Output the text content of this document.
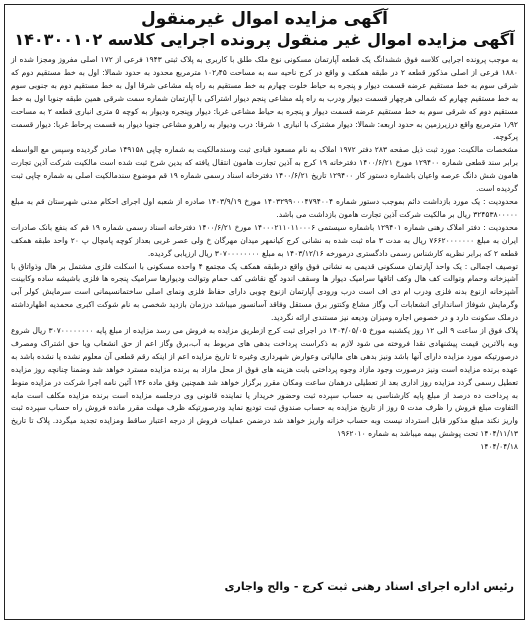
آگهی مزایده اموال غیرمنقول

آگهی مزایده اموال غیر منقول پرونده اجرایی کلاسه ۱۴۰۳۰۰۱۰۲

به موجب پرونده اجرایی کلاسه فوق ششدانگ یک قطعه آپارتمان مسکونی نوع ملک طلق با کاربری به پلاک ثبتی ۱۹۴۳ فرعی از ۱۷۲ اصلی مفروز ومجزا شده از ۱۸۸۰ فرعی از اصلی مذکور قطعه ۲ در طبقه همکف و واقع در کرج ناحیه سه به مساحت ۱۰۲٫۴۵ مترمربع محدود به حدود شمالا: اول به خط مستقیم دوم که شرقی سوم به خط مستقیم عرضه قسمت دیوار و پنجره به حیاط خلوت چهارم به خط مستقیم به راه پله مشاعی شرقا اول به خط مستقیم دوم به جنوبی سوم به خط مستقیم چهارم که شمالی هرچهار قسمت دیوار ودرب به راه پله مشاعی پنجم دیوار اشتراکی با آپارتمان شماره سمت شرقی همین طبقه جنوبا اول به خط مستقیم دوم که شرقی سوم به خط مستقیم عرضه قسمت دیوار و پنجره به حیاط مشاعی غربا: دیوار وپنجره ودیوار به کوچه ۵ متری انباری قطعه ۲ به مساحت ۱٫۹۲ مترمربع واقع درزیرزمین به حدود اربعه: شمالا: دیوار مشترک با انباری ۱ شرقا: درب ودیوار به راهرو مشاعی جنوبا دیوار به قسمت پرحاط غربا: دیوار قسمت پرکوچه.

مشخصات مالکیت: مورد ثبت ذیل صفحه ۲۸۳ دفتر ۱۹۷۲ املاک به نام مسعود قبادی ثبت وسندمالکیت به شماره چاپی ۱۴۹۱۵۸ صادر گردیده وسپس مع الواسطه برابر سند قطعی شماره ۱۲۹۴۰۰ مورخ ۱۴۰۰/۶/۲۱ دفترخانه ۱۹ کرج به آذین تجارت هامون انتقال یافته که بدین شرح ثبت شده است مالکیت شرکت آذین تجارت هامون شش دانگ عرصه واعیان باشماره دستور کار ۱۲۹۴۰۰ تاریخ ۱۴۰۰/۶/۲۱ دفترخانه اسناد رسمی شماره ۱۹ قم موضوع سندمالکیت اصلی به شماره چاپی ثبت گردیده است.

محدودیت : یک مورد بازداشت دائم بموجب دستور شماره ۱۴۰۳۲۹۹۰۰۰۴۷۹۴۰۰۴ مورخ ۱۴۰۳/۹/۱۹ صادره از شعبه اول اجرای احکام مدنی شهرستان قم به مبلغ ۳۲۴۵۳۸۰۰۰۰۰ ریال بر مالکیت شرکت آذین تجارت هامون بازداشت می باشد.

محدودیت : دفتر املاک رهنی شماره ۱۲۹۴۰۱ باشماره سیستمی ۱۴۰۰۰۲۱۱۰۱۱۰۰۰۶ مورخ ۱۴۰۰/۶/۲۱ دفترخانه اسناد رسمی شماره ۱۹ قم که بنفع بانک صادرات ایران به مبلغ ۷۶۶۲۰۰۰۰۰۰۰ ریال به مدت ۳ ماه ثبت شده به نشانی کرج کیانمهر میدان مهرگان خ ولی عصر غربی بعداز کوچه پامچال پ ۲۰ واحد طبقه همکف قطعه ۲ که برابر نظریه کارشناس رسمی دادگستری درمورخه ۱۴۰۳/۱۲/۱۶ به مبلغ ۳۰۷۰۰۰۰۰۰۰۰ ریال ارزیابی گردیده.

توصیف اجمالی : یک واحد آپارتمان مسکونی قدیمی به نشانی فوق واقع درطبقه همکف یک مجتمع ۴ واحده مسکونی با اسکلت فلزی مشتمل بر هال وذواتاق با آشپزخانه وحمام وتوالت کف هال وکف اتاقها سرامیک دیوار ها وسقف اندود گچ نقاشی کف حمام وتوالت ودیوارها سرامیک پنجره ها فلزی باشیشه ساده وکابینت آشپزخانه ازنوع بدنه فلزی ودرب ام دی اف است درب ورودی آپارتمان ازنوع چوبی دارای حفاظ فلزی ونمای اصلی ساختمانسیمانی است سرمایش کولر آبی وگرمایش شوفاژ اساندارای انشعابات آب وگاز مشاع وکنتور برق مستقل وفاقد آسانسور میباشد درزمان بازدید شخصی به نام شوکت اکبری محمدیه اظهارداشته درملک سکونت دارد و در خصوص اجاره ومیزان ودیعه نیز مستندی ارائه نگردید.

پلاک فوق از ساعت ۹ الی ۱۲ روز یکشنبه مورخ ۱۴۰۴/۰۵/۰۵ در اجرای ثبت کرج ازطریق مزایده به فروش می رسد مزایده از مبلغ پایه ۳۰۷۰۰۰۰۰۰۰۰ ریال شروع وبه بالاترین قیمت پیشنهادی نقدا فروخته می شود لازم به ذکراست پرداخت بدهی های مربوط به آب،برق وگاز اعم از حق انشعاب ویا حق اشتراک ومصرف درصورتیکه مورد مزایده دارای آنها باشد ونیز بدهی های مالیاتی وعوارض شهرداری وغیره تا تاریخ مزایده اعم از اینکه رقم قطعی آن معلوم نشده یا نشده باشد به عهده برنده مزایده است ونیز درصورت وجود مازاد وجوه پرداختی بابت هزینه های فوق از محل مازاد به برنده مزایده مسترد خواهد شد وضمنا چنانچه روز مزایده تعطیل رسمی گردد مزایده روز اداری بعد از تعطیلی درهمان ساعت ومکان مقرر برگزار خواهد شد همچنین وفق ماده ۱۳۶ آئین نامه اجرا شرکت در مزایده منوط به پرداخت ده درصد از مبلغ پایه کارشناسی به حساب سپرده ثبت وحضور خریدار یا نماینده قانونی وی درجلسه مزایده است برنده مزایده مکلف است مابه التفاوت مبلغ فروش را ظرف مدت ۵ روز از تاریخ مزایده به حساب صندوق ثبت تودیع نماید ودرصورتیکه ظرف مهلت مقرر مانده فروش راه حساب سپرده ثبت واریز نکند مبلغ مذکور قابل استرداد نیست وبه حساب خزانه واریز خواهد شد درضمن عملیات فروش از درجه اعتبار ساقط ومزایده تجدید میگردد. پلاک تا تاریخ ۱۴۰۴/۱۱/۱۳ تحت پوشش بیمه میباشد به شماره ۱۹۶۲۰۱۰

۱۴۰۴/۰۴/۱۸

رئیس اداره اجرای اسناد رهنی ثبت کرج - والح واجاری
